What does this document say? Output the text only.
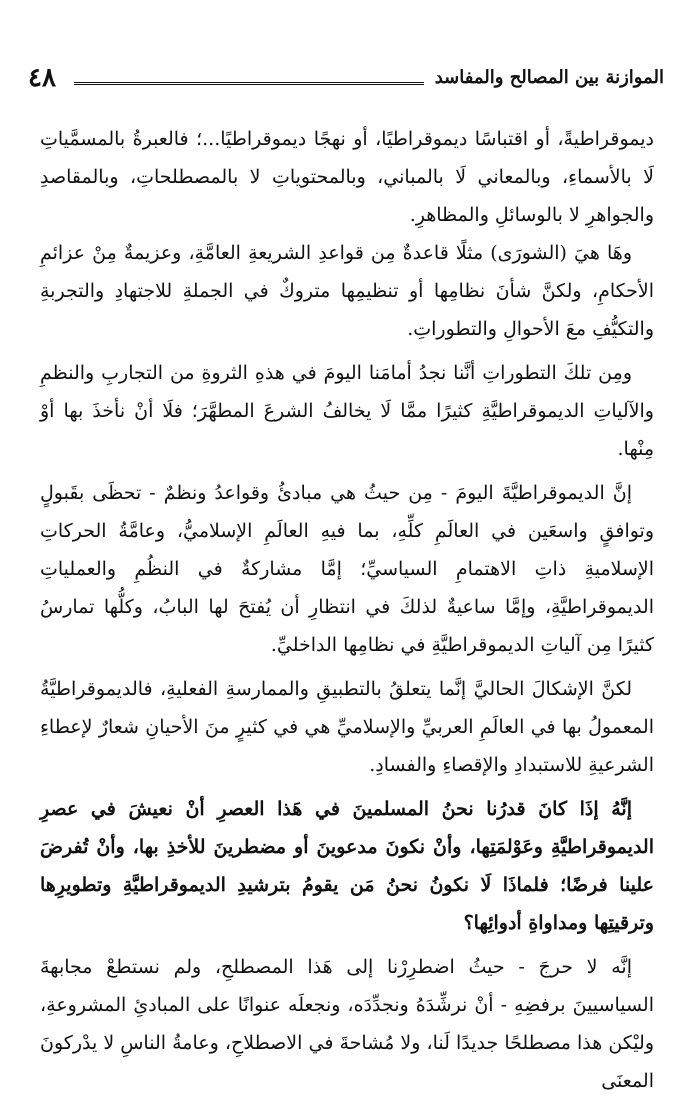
٤٨	الموازنة بين المصالح والمفاسد

ديموقراطيةً، أو اقتباسًا ديموقراطيًا، أو نهجًا ديموقراطيًا...؛ فالعبرةُ بالمسمَّياتِ لَا بالأسماءِ، وبالمعاني لَا بالمباني، وبالمحتوياتِ لا بالمصطلحاتِ، وبالمقاصدِ والجواهرِ لا بالوسائلِ والمظاهرِ.

وهَا هيَ (الشورَى) مثلًا قاعدةٌ مِن قواعدِ الشريعةِ العامَّةِ، وعزيمةٌ مِنْ عزائمِ الأحكامِ، ولكنَّ شأنَ نظامِها أو تنظيمِها متروكٌ في الجملةِ للاجتهادِ والتجربةِ والتكيُّفِ معَ الأحوالِ والتطوراتِ.

ومِن تلكَ التطوراتِ أنَّنا نجدُ أمامَنا اليومَ في هذهِ الثروةِ من التجاربِ والنظمِ والآلياتِ الديموقراطيَّةِ كثيرًا ممَّا لَا يخالفُ الشرعَ المطهَّرَ؛ فلَا أنْ نأخذَ بها أوْ مِنْها.

إنَّ الديموقراطيَّةَ اليومَ - مِن حيثُ هي مبادئُ وقواعدُ ونظمٌ - تحظَى بقَبولٍ وتوافقٍ واسعَين في العالَمِ كلِّهِ، بما فيهِ العالَمِ الإسلاميُّ، وعامَّةُ الحركاتِ الإسلاميةِ ذاتِ الاهتمامِ السياسيِّ؛ إمَّا مشاركةٌ في النظُمِ والعملياتِ الديموقراطيَّةِ، وإمَّا ساعيةٌ لذلكَ في انتظارِ أن يُفتحَ لها البابُ، وكلُّها تمارسُ كثيرًا مِن آلياتِ الديموقراطيَّةِ في نظامِها الداخليِّ.

لكنَّ الإشكالَ الحاليَّ إنَّما يتعلقُ بالتطبيقِ والممارسةِ الفعليةِ، فالديموقراطيَّةُ المعمولُ بها في العالَمِ العربيِّ والإسلاميِّ هي في كثيرٍ منَ الأحيانِ شعارٌ لإعطاءِ الشرعيةِ للاستبدادِ والإقصاءِ والفسادِ.

إنَّهُ إذَا كانَ قدرُنا نحنُ المسلمينَ في هَذا العصرِ أنْ نعيشَ في عصرِ الديموقراطيَّةِ وعَوْلمَتِها، وأنْ نكونَ مدعوينَ أو مضطرينَ للأخذِ بها، وأنْ تُفرضَ علينا فرضًا؛ فلماذَا لَا نكونُ نحنُ مَن يقومُ بترشيدِ الديموقراطيَّةِ وتطويرِها وترقيتِها ومداواةِ أدوائِها؟

إنَّه لا حرجَ - حيثُ اضطرِرْنا إلى هَذا المصطلحِ، ولم نستطعْ مجابهةَ السياسيينَ برفضِهِ - أنْ نرشِّدَهُ ونجدِّدَه، ونجعلَه عنوانًا على المبادئِ المشروعةِ، وليْكن هذا مصطلحًا جديدًا لَنا، ولا مُشاحةَ في الاصطلاحِ، وعامةُ الناسِ لا يدْركونَ المعنَى
